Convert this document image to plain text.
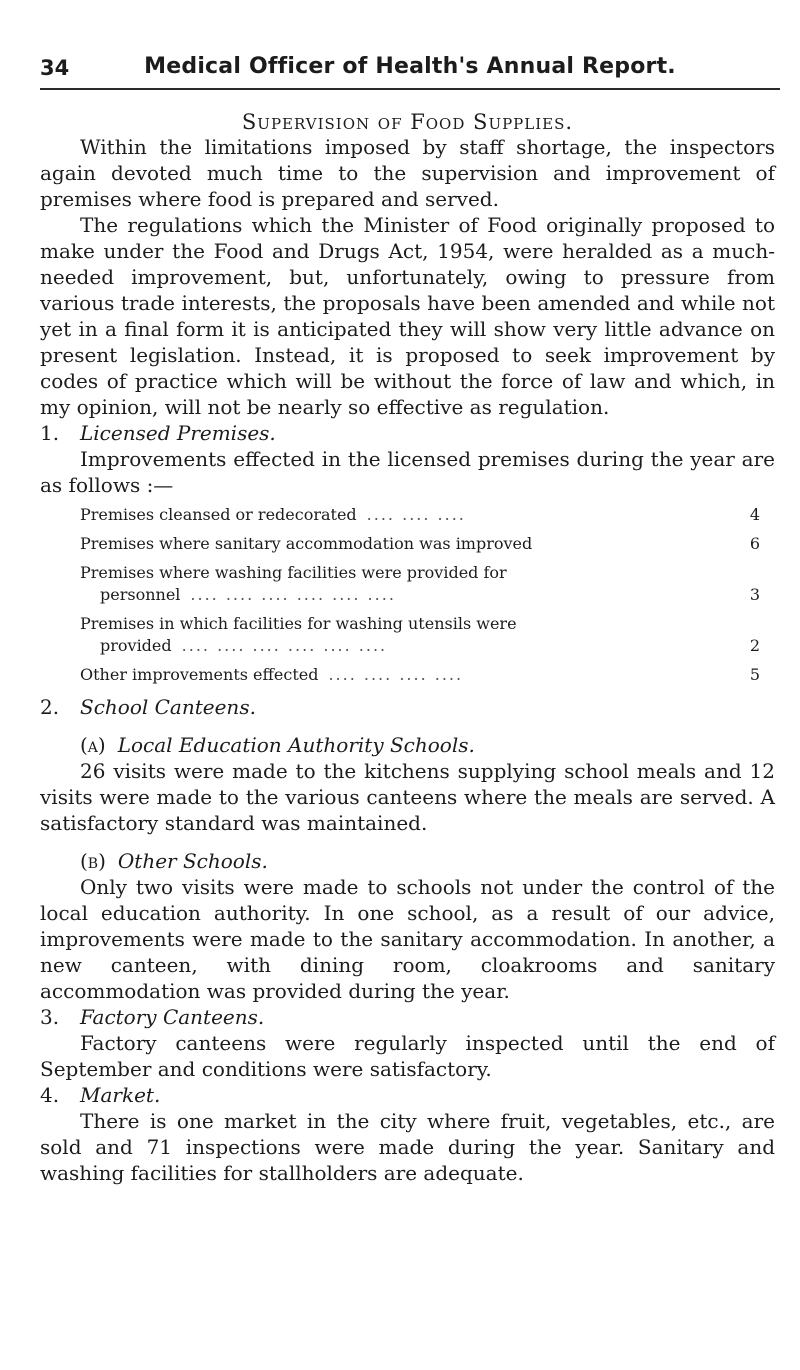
34	Medical Officer of Health's Annual Report.
Supervision of Food Supplies.

Within the limitations imposed by staff shortage, the inspectors again devoted much time to the supervision and improvement of premises where food is prepared and served.

The regulations which the Minister of Food originally proposed to make under the Food and Drugs Act, 1954, were heralded as a much-needed improvement, but, unfortunately, owing to pressure from various trade interests, the proposals have been amended and while not yet in a final form it is anticipated they will show very little advance on present legislation. Instead, it is proposed to seek improvement by codes of practice which will be without the force of law and which, in my opinion, will not be nearly so effective as regulation.

1. Licensed Premises.

Improvements effected in the licensed premises during the year are as follows :—

Premises cleansed or redecorated .... .... ....	4
Premises where sanitary accommodation was improved	6
Premises where washing facilities were provided for
personnel .... .... .... .... .... ....	3
Premises in which facilities for washing utensils were
provided .... .... .... .... .... ....	2
Other improvements effected .... .... .... ....	5
2. School Canteens.
(a) Local Education Authority Schools.

26 visits were made to the kitchens supplying school meals and 12 visits were made to the various canteens where the meals are served. A satisfactory standard was maintained.

(b) Other Schools.

Only two visits were made to schools not under the control of the local education authority. In one school, as a result of our advice, improvements were made to the sanitary accommodation. In another, a new canteen, with dining room, cloakrooms and sanitary accommodation was provided during the year.

3. Factory Canteens.

Factory canteens were regularly inspected until the end of September and conditions were satisfactory.

4. Market.

There is one market in the city where fruit, vegetables, etc., are sold and 71 inspections were made during the year. Sanitary and washing facilities for stallholders are adequate.
